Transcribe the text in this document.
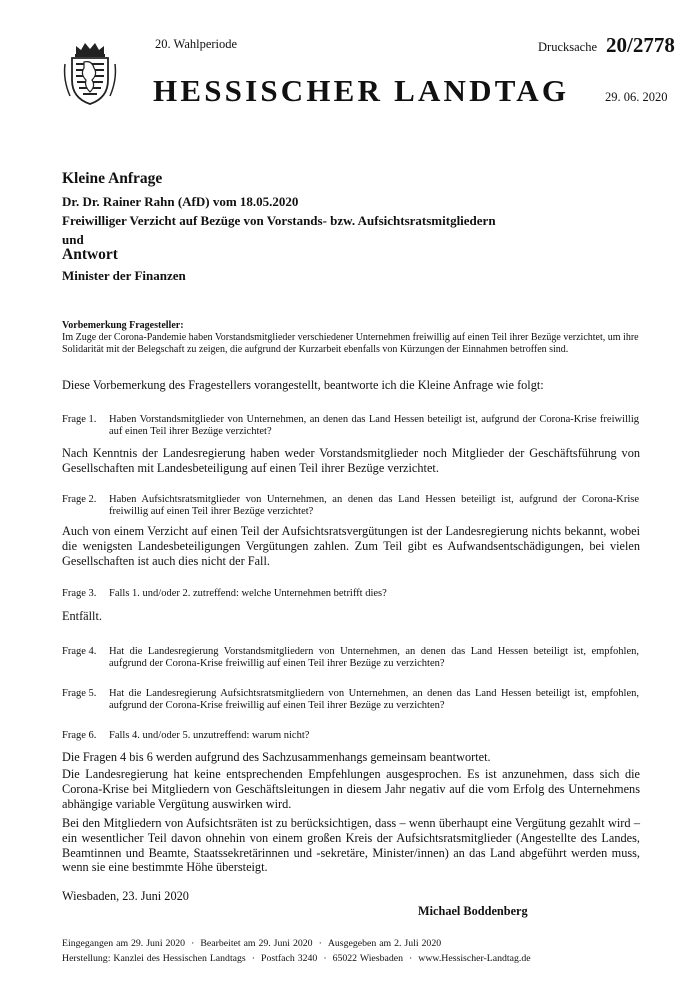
20. Wahlperiode	Drucksache 20/2778
HESSISCHER LANDTAG	29. 06. 2020
Kleine Anfrage
Dr. Dr. Rainer Rahn (AfD) vom 18.05.2020
Freiwilliger Verzicht auf Bezüge von Vorstands- bzw. Aufsichtsratsmitgliedern
und
Antwort
Minister der Finanzen
Vorbemerkung Fragesteller:
Im Zuge der Corona-Pandemie haben Vorstandsmitglieder verschiedener Unternehmen freiwillig auf einen Teil ihrer Bezüge verzichtet, um ihre Solidarität mit der Belegschaft zu zeigen, die aufgrund der Kurzarbeit ebenfalls von Kürzungen der Einnahmen betroffen sind.
Diese Vorbemerkung des Fragestellers vorangestellt, beantworte ich die Kleine Anfrage wie folgt:
Frage 1. Haben Vorstandsmitglieder von Unternehmen, an denen das Land Hessen beteiligt ist, aufgrund der Corona-Krise freiwillig auf einen Teil ihrer Bezüge verzichtet?
Nach Kenntnis der Landesregierung haben weder Vorstandsmitglieder noch Mitglieder der Geschäftsführung von Gesellschaften mit Landesbeteiligung auf einen Teil ihrer Bezüge verzichtet.
Frage 2. Haben Aufsichtsratsmitglieder von Unternehmen, an denen das Land Hessen beteiligt ist, aufgrund der Corona-Krise freiwillig auf einen Teil ihrer Bezüge verzichtet?
Auch von einem Verzicht auf einen Teil der Aufsichtsratsvergütungen ist der Landesregierung nichts bekannt, wobei die wenigsten Landesbeteiligungen Vergütungen zahlen. Zum Teil gibt es Aufwandsentschädigungen, bei vielen Gesellschaften ist auch dies nicht der Fall.
Frage 3. Falls 1. und/oder 2. zutreffend: welche Unternehmen betrifft dies?
Entfällt.
Frage 4. Hat die Landesregierung Vorstandsmitgliedern von Unternehmen, an denen das Land Hessen beteiligt ist, empfohlen, aufgrund der Corona-Krise freiwillig auf einen Teil ihrer Bezüge zu verzichten?
Frage 5. Hat die Landesregierung Aufsichtsratsmitgliedern von Unternehmen, an denen das Land Hessen beteiligt ist, empfohlen, aufgrund der Corona-Krise freiwillig auf einen Teil ihrer Bezüge zu verzichten?
Frage 6. Falls 4. und/oder 5. unzutreffend: warum nicht?
Die Fragen 4 bis 6 werden aufgrund des Sachzusammenhangs gemeinsam beantwortet.
Die Landesregierung hat keine entsprechenden Empfehlungen ausgesprochen. Es ist anzunehmen, dass sich die Corona-Krise bei Mitgliedern von Geschäftsleitungen in diesem Jahr negativ auf die vom Erfolg des Unternehmens abhängige variable Vergütung auswirken wird.
Bei den Mitgliedern von Aufsichtsräten ist zu berücksichtigen, dass – wenn überhaupt eine Vergütung gezahlt wird – ein wesentlicher Teil davon ohnehin von einem großen Kreis der Aufsichtsratsmitglieder (Angestellte des Landes, Beamtinnen und Beamte, Staatssekretärinnen und -sekretäre, Minister/innen) an das Land abgeführt werden muss, wenn sie eine bestimmte Höhe übersteigt.
Wiesbaden, 23. Juni 2020
Michael Boddenberg
Eingegangen am 29. Juni 2020 · Bearbeitet am 29. Juni 2020 · Ausgegeben am 2. Juli 2020
Herstellung: Kanzlei des Hessischen Landtags · Postfach 3240 · 65022 Wiesbaden · www.Hessischer-Landtag.de
